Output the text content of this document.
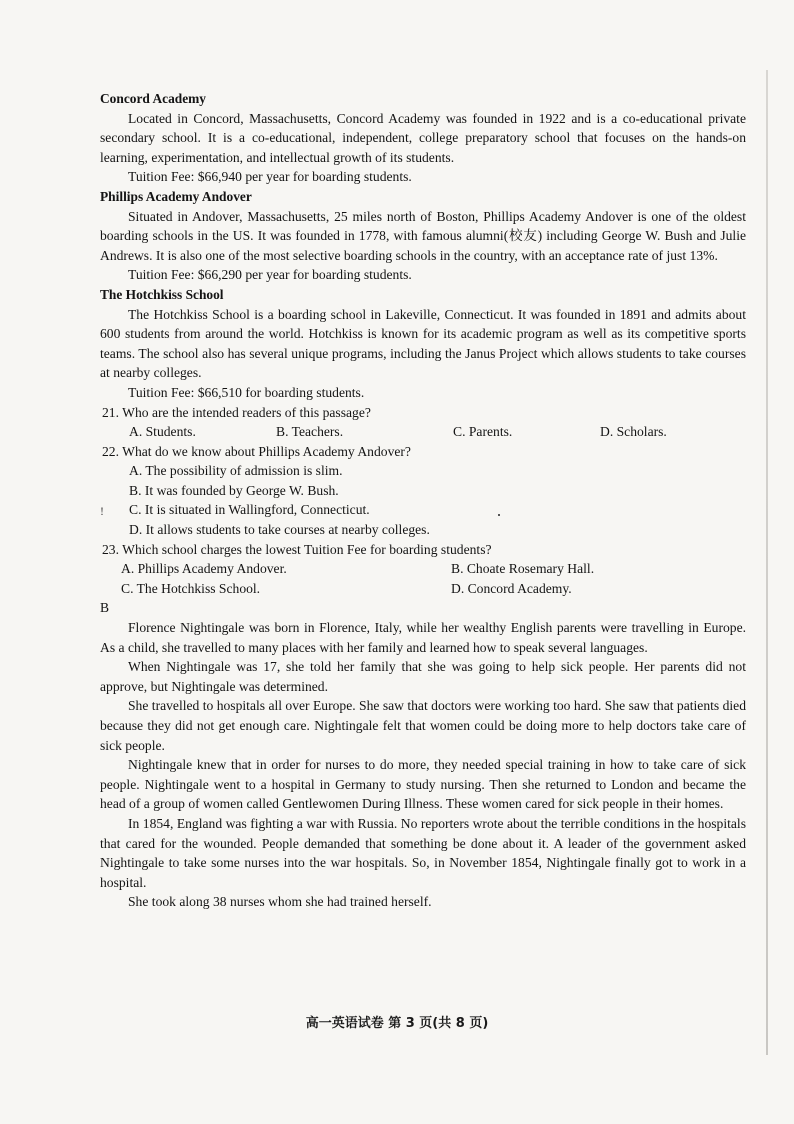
Concord Academy

Located in Concord, Massachusetts, Concord Academy was founded in 1922 and is a co-educational private secondary school. It is a co-educational, independent, college preparatory school that focuses on the hands-on learning, experimentation, and intellectual growth of its students.

Tuition Fee: $66,940 per year for boarding students.

Phillips Academy Andover

Situated in Andover, Massachusetts, 25 miles north of Boston, Phillips Academy Andover is one of the oldest boarding schools in the US. It was founded in 1778, with famous alumni(校友) including George W. Bush and Julie Andrews. It is also one of the most selective boarding schools in the country, with an acceptance rate of just 13%.

Tuition Fee: $66,290 per year for boarding students.

The Hotchkiss School

The Hotchkiss School is a boarding school in Lakeville, Connecticut. It was founded in 1891 and admits about 600 students from around the world. Hotchkiss is known for its academic program as well as its competitive sports teams. The school also has several unique programs, including the Janus Project which allows students to take courses at nearby colleges.

Tuition Fee: $66,510 for boarding students.

21. Who are the intended readers of this passage?

A. Students.	B. Teachers.	C. Parents.	D. Scholars.

22. What do we know about Phillips Academy Andover?

A. The possibility of admission is slim.

B. It was founded by George W. Bush.

C. It is situated in Wallingford, Connecticut.

D. It allows students to take courses at nearby colleges.

23. Which school charges the lowest Tuition Fee for boarding students?

A. Phillips Academy Andover.	B. Choate Rosemary Hall.
C. The Hotchkiss School.	D. Concord Academy.

B

Florence Nightingale was born in Florence, Italy, while her wealthy English parents were travelling in Europe. As a child, she travelled to many places with her family and learned how to speak several languages.

When Nightingale was 17, she told her family that she was going to help sick people. Her parents did not approve, but Nightingale was determined.

She travelled to hospitals all over Europe. She saw that doctors were working too hard. She saw that patients died because they did not get enough care. Nightingale felt that women could be doing more to help doctors take care of sick people.

Nightingale knew that in order for nurses to do more, they needed special training in how to take care of sick people. Nightingale went to a hospital in Germany to study nursing. Then she returned to London and became the head of a group of women called Gentlewomen During Illness. These women cared for sick people in their homes.

In 1854, England was fighting a war with Russia. No reporters wrote about the terrible conditions in the hospitals that cared for the wounded. People demanded that something be done about it. A leader of the government asked Nightingale to take some nurses into the war hospitals. So, in November 1854, Nightingale finally got to work in a hospital.

She took along 38 nurses whom she had trained herself.

!
高一英语试卷 第 3 页(共 8 页)
